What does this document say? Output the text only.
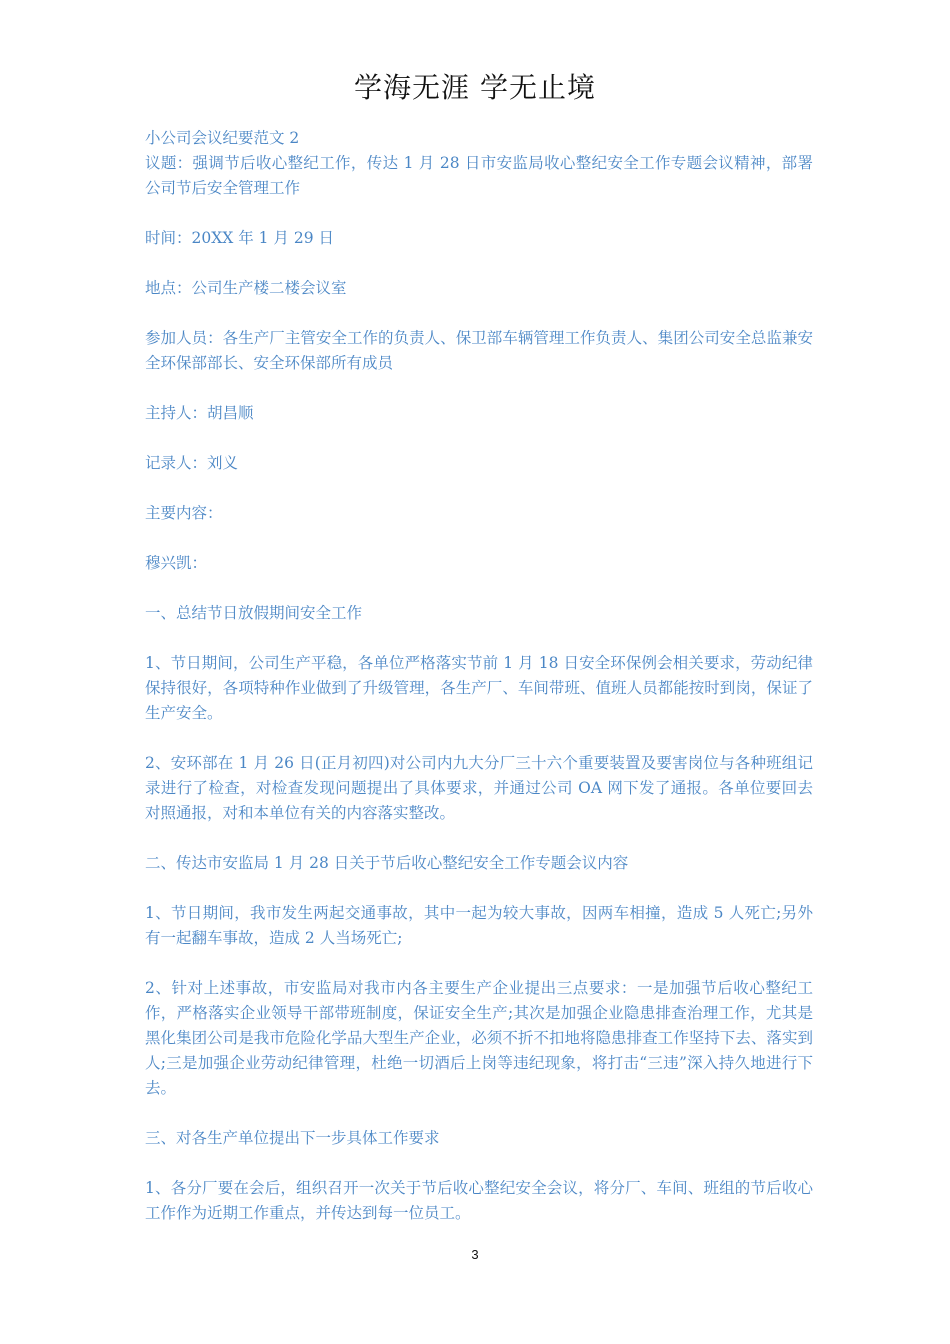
学海无涯 学无止境

小公司会议纪要范文 2

议题：强调节后收心整纪工作，传达 1 月 28 日市安监局收心整纪安全工作专题会议精神，部署公司节后安全管理工作

时间：20XX 年 1 月 29 日

地点：公司生产楼二楼会议室

参加人员：各生产厂主管安全工作的负责人、保卫部车辆管理工作负责人、集团公司安全总监兼安全环保部部长、安全环保部所有成员

主持人：胡昌顺

记录人：刘义

主要内容：

穆兴凯：

一、总结节日放假期间安全工作

1、节日期间，公司生产平稳，各单位严格落实节前 1 月 18 日安全环保例会相关要求，劳动纪律保持很好，各项特种作业做到了升级管理，各生产厂、车间带班、值班人员都能按时到岗，保证了生产安全。

2、安环部在 1 月 26 日(正月初四)对公司内九大分厂三十六个重要装置及要害岗位与各种班组记录进行了检查，对检查发现问题提出了具体要求，并通过公司 OA 网下发了通报。各单位要回去对照通报，对和本单位有关的内容落实整改。

二、传达市安监局 1 月 28 日关于节后收心整纪安全工作专题会议内容

1、节日期间，我市发生两起交通事故，其中一起为较大事故，因两车相撞，造成 5 人死亡;另外有一起翻车事故，造成 2 人当场死亡;

2、针对上述事故，市安监局对我市内各主要生产企业提出三点要求：一是加强节后收心整纪工作，严格落实企业领导干部带班制度，保证安全生产;其次是加强企业隐患排查治理工作，尤其是黑化集团公司是我市危险化学品大型生产企业，必须不折不扣地将隐患排查工作坚持下去、落实到人;三是加强企业劳动纪律管理，杜绝一切酒后上岗等违纪现象，将打击“三违”深入持久地进行下去。

三、对各生产单位提出下一步具体工作要求

1、各分厂要在会后，组织召开一次关于节后收心整纪安全会议，将分厂、车间、班组的节后收心工作作为近期工作重点，并传达到每一位员工。

3
